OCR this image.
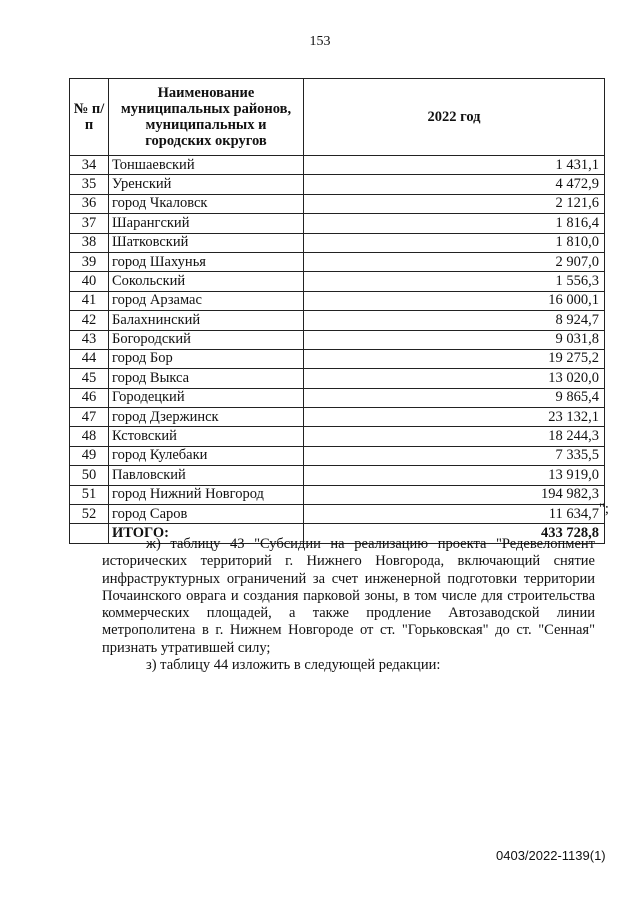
153
№ п/п	Наименование муниципальных районов, муниципальных и городских округов	2022 год
34	Тоншаевский	1 431,1
35	Уренский	4 472,9
36	город Чкаловск	2 121,6
37	Шарангский	1 816,4
38	Шатковский	1 810,0
39	город Шахунья	2 907,0
40	Сокольский	1 556,3
41	город Арзамас	16 000,1
42	Балахнинский	8 924,7
43	Богородский	9 031,8
44	город Бор	19 275,2
45	город Выкса	13 020,0
46	Городецкий	9 865,4
47	город Дзержинск	23 132,1
48	Кстовский	18 244,3
49	город Кулебаки	7 335,5
50	Павловский	13 919,0
51	город Нижний Новгород	194 982,3
52	город Саров	11 634,7
	ИТОГО:	433 728,8
";
ж) таблицу 43 "Субсидии на реализацию проекта "Редевелопмент исторических территорий г. Нижнего Новгорода, включающий снятие инфраструктурных ограничений за счет инженерной подготовки территории Почаинского оврага и создания парковой зоны, в том числе для строительства коммерческих площадей, а также продление Автозаводской линии метрополитена в г. Нижнем Новгороде от ст. "Горьковская" до ст. "Сенная" признать утратившей силу;
з) таблицу 44 изложить в следующей редакции:
0403/2022-1139(1)
